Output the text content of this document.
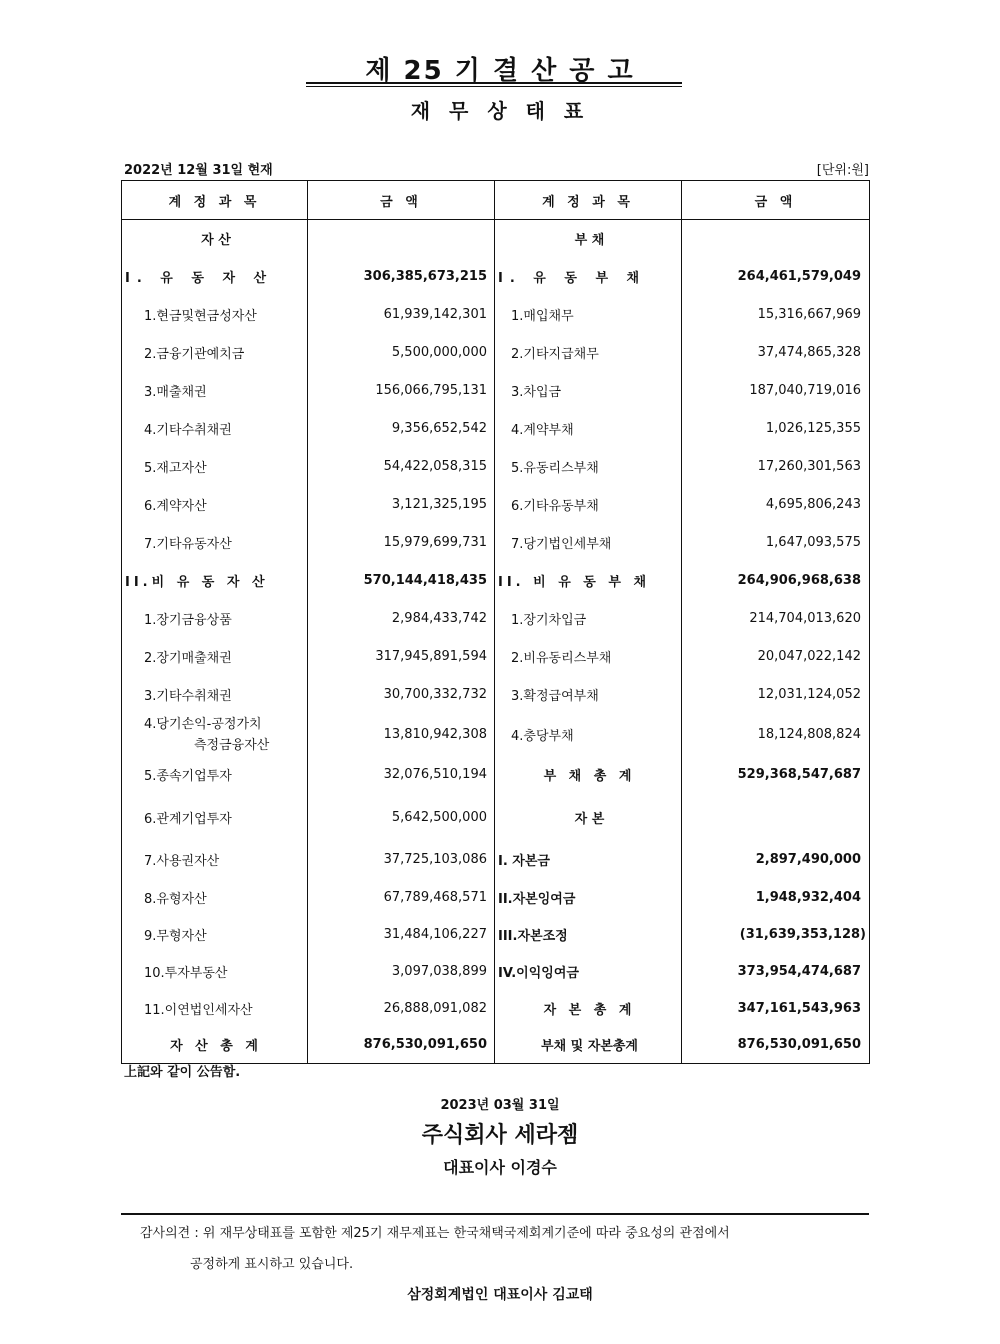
제 25 기 결 산 공 고
재 무 상 태 표
2022년 12월 31일 현재	[단위:원]
계 정 과 목	금 액	계 정 과 목	금 액
자 산		부 채	
I. 유 동 자 산	306,385,673,215	I. 유 동 부 채	264,461,579,049
1.현금및현금성자산	61,939,142,301	1.매입채무	15,316,667,969
2.금융기관예치금	5,500,000,000	2.기타지급채무	37,474,865,328
3.매출채권	156,066,795,131	3.차입금	187,040,719,016
4.기타수취채권	9,356,652,542	4.계약부채	1,026,125,355
5.재고자산	54,422,058,315	5.유동리스부채	17,260,301,563
6.계약자산	3,121,325,195	6.기타유동부채	4,695,806,243
7.기타유동자산	15,979,699,731	7.당기법인세부채	1,647,093,575
II.비 유 동 자 산	570,144,418,435	II. 비 유 동 부 채	264,906,968,638
1.장기금융상품	2,984,433,742	1.장기차입금	214,704,013,620
2.장기매출채권	317,945,891,594	2.비유동리스부채	20,047,022,142
3.기타수취채권	30,700,332,732	3.확정급여부채	12,031,124,052

4.당기손익-공정가치
측정금융자산	13,810,942,308	4.충당부채	18,124,808,824
5.종속기업투자	32,076,510,194	부 채 총 계	529,368,547,687
6.관계기업투자	5,642,500,000	자 본	
7.사용권자산	37,725,103,086	I. 자본금	2,897,490,000
8.유형자산	67,789,468,571	II.자본잉여금	1,948,932,404
9.무형자산	31,484,106,227	III.자본조정	(31,639,353,128)
10.투자부동산	3,097,038,899	IV.이익잉여금	373,954,474,687
11.이연법인세자산	26,888,091,082	자 본 총 계	347,161,543,963
자 산 총 계	876,530,091,650	부채 및 자본총계	876,530,091,650
上記와 같이 公告함.
2023년 03월 31일
주식회사 세라젬
대표이사 이경수
감사의견 : 위 재무상태표를 포함한 제25기 재무제표는 한국채택국제회계기준에 따라 중요성의 관점에서
공정하게 표시하고 있습니다.
삼정회계법인 대표이사 김교태
